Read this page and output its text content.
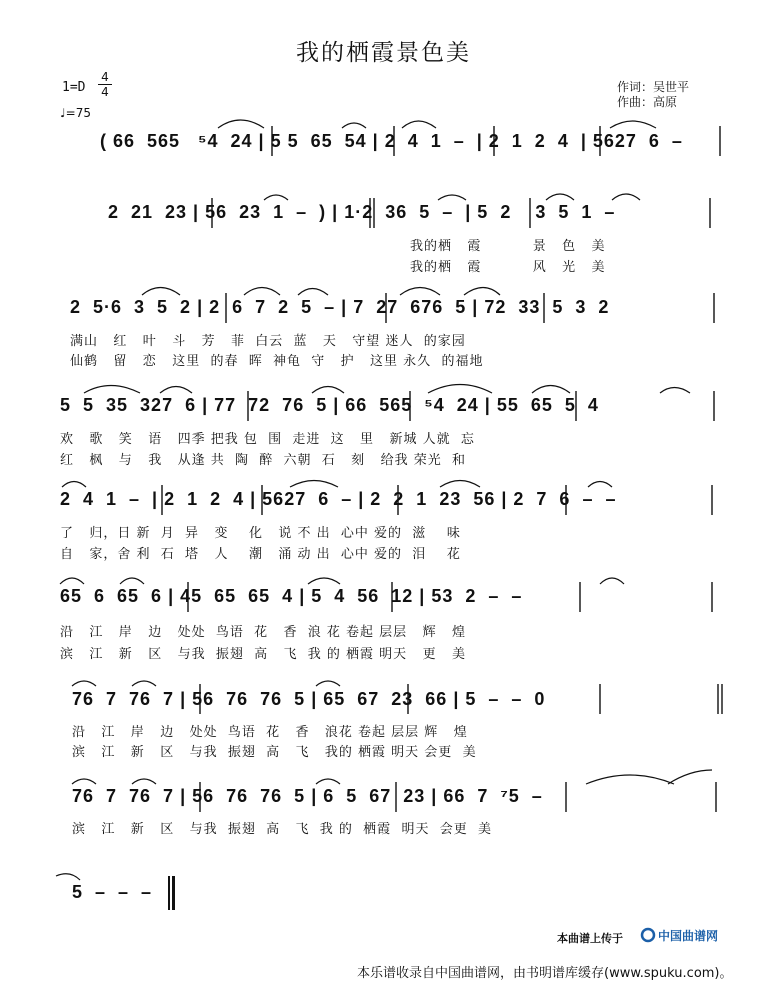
我的栖霞景色美
1=D
4
4
♩=75
作词：吴世平
作曲：高原
( 66  565   ⁵4  24 | 5 5  65  54 | 2  4  1  –  | 2  1  2  4  | 5627  6  –
2  21  23 | 56  23  1  –  ) | 1·2  36  5  –  | 5  2    3  5  1  –
我的栖   霞          景   色   美
我的栖   霞          风   光   美
2  5·6  3  5  2 | 2  6  7  2  5  – | 7  27  676  5 | 72  33  5  3  2
满山   红   叶   斗   芳   菲  白云  蓝   天   守望 迷人  的家园
仙鹤   留   恋   这里  的春  晖  神龟  守   护   这里 永久  的福地
5  5  35  327  6 | 77  72  76  5 | 66  565  ⁵4  24 | 55  65  5  4
欢   歌   笑   语   四季 把我 包  围  走进  这   里   新城 人就  忘
红   枫   与   我   从逢 共  陶  醉  六朝  石   刻   给我 荣光  和
2  4  1  –  | 2  1  2  4 | 5627  6  – | 2  2  1  23  56 | 2  7  6  –  –
了   归，日 新  月  异   变    化   说 不 出  心中 爱的  滋    味
自   家，舍 利  石  塔   人    潮   涌 动 出  心中 爱的  泪    花
65  6  65  6 | 45  65  65  4 | 5  4  56  12 | 53  2  –  –
沿   江   岸   边   处处  鸟语  花   香  浪 花 卷起 层层   辉   煌
滨   江   新   区   与我  振翅  高   飞  我 的 栖霞 明天   更   美
76  7  76  7 | 56  76  76  5 | 65  67  23  66 | 5  –  –  0
沿   江   岸   边   处处  鸟语  花   香   浪花 卷起 层层 辉   煌
滨   江   新   区   与我  振翅  高   飞   我的 栖霞 明天 会更  美
76  7  76  7 | 56  76  76  5 | 6  5  67  23 | 66  7  ⁷5  –
滨   江   新   区   与我  振翅  高   飞  我 的  栖霞  明天  会更  美
5  –  –  –
本曲谱上传于	中国曲谱网
本乐谱收录自中国曲谱网，由书明谱库缓存(www.spuku.com)。
